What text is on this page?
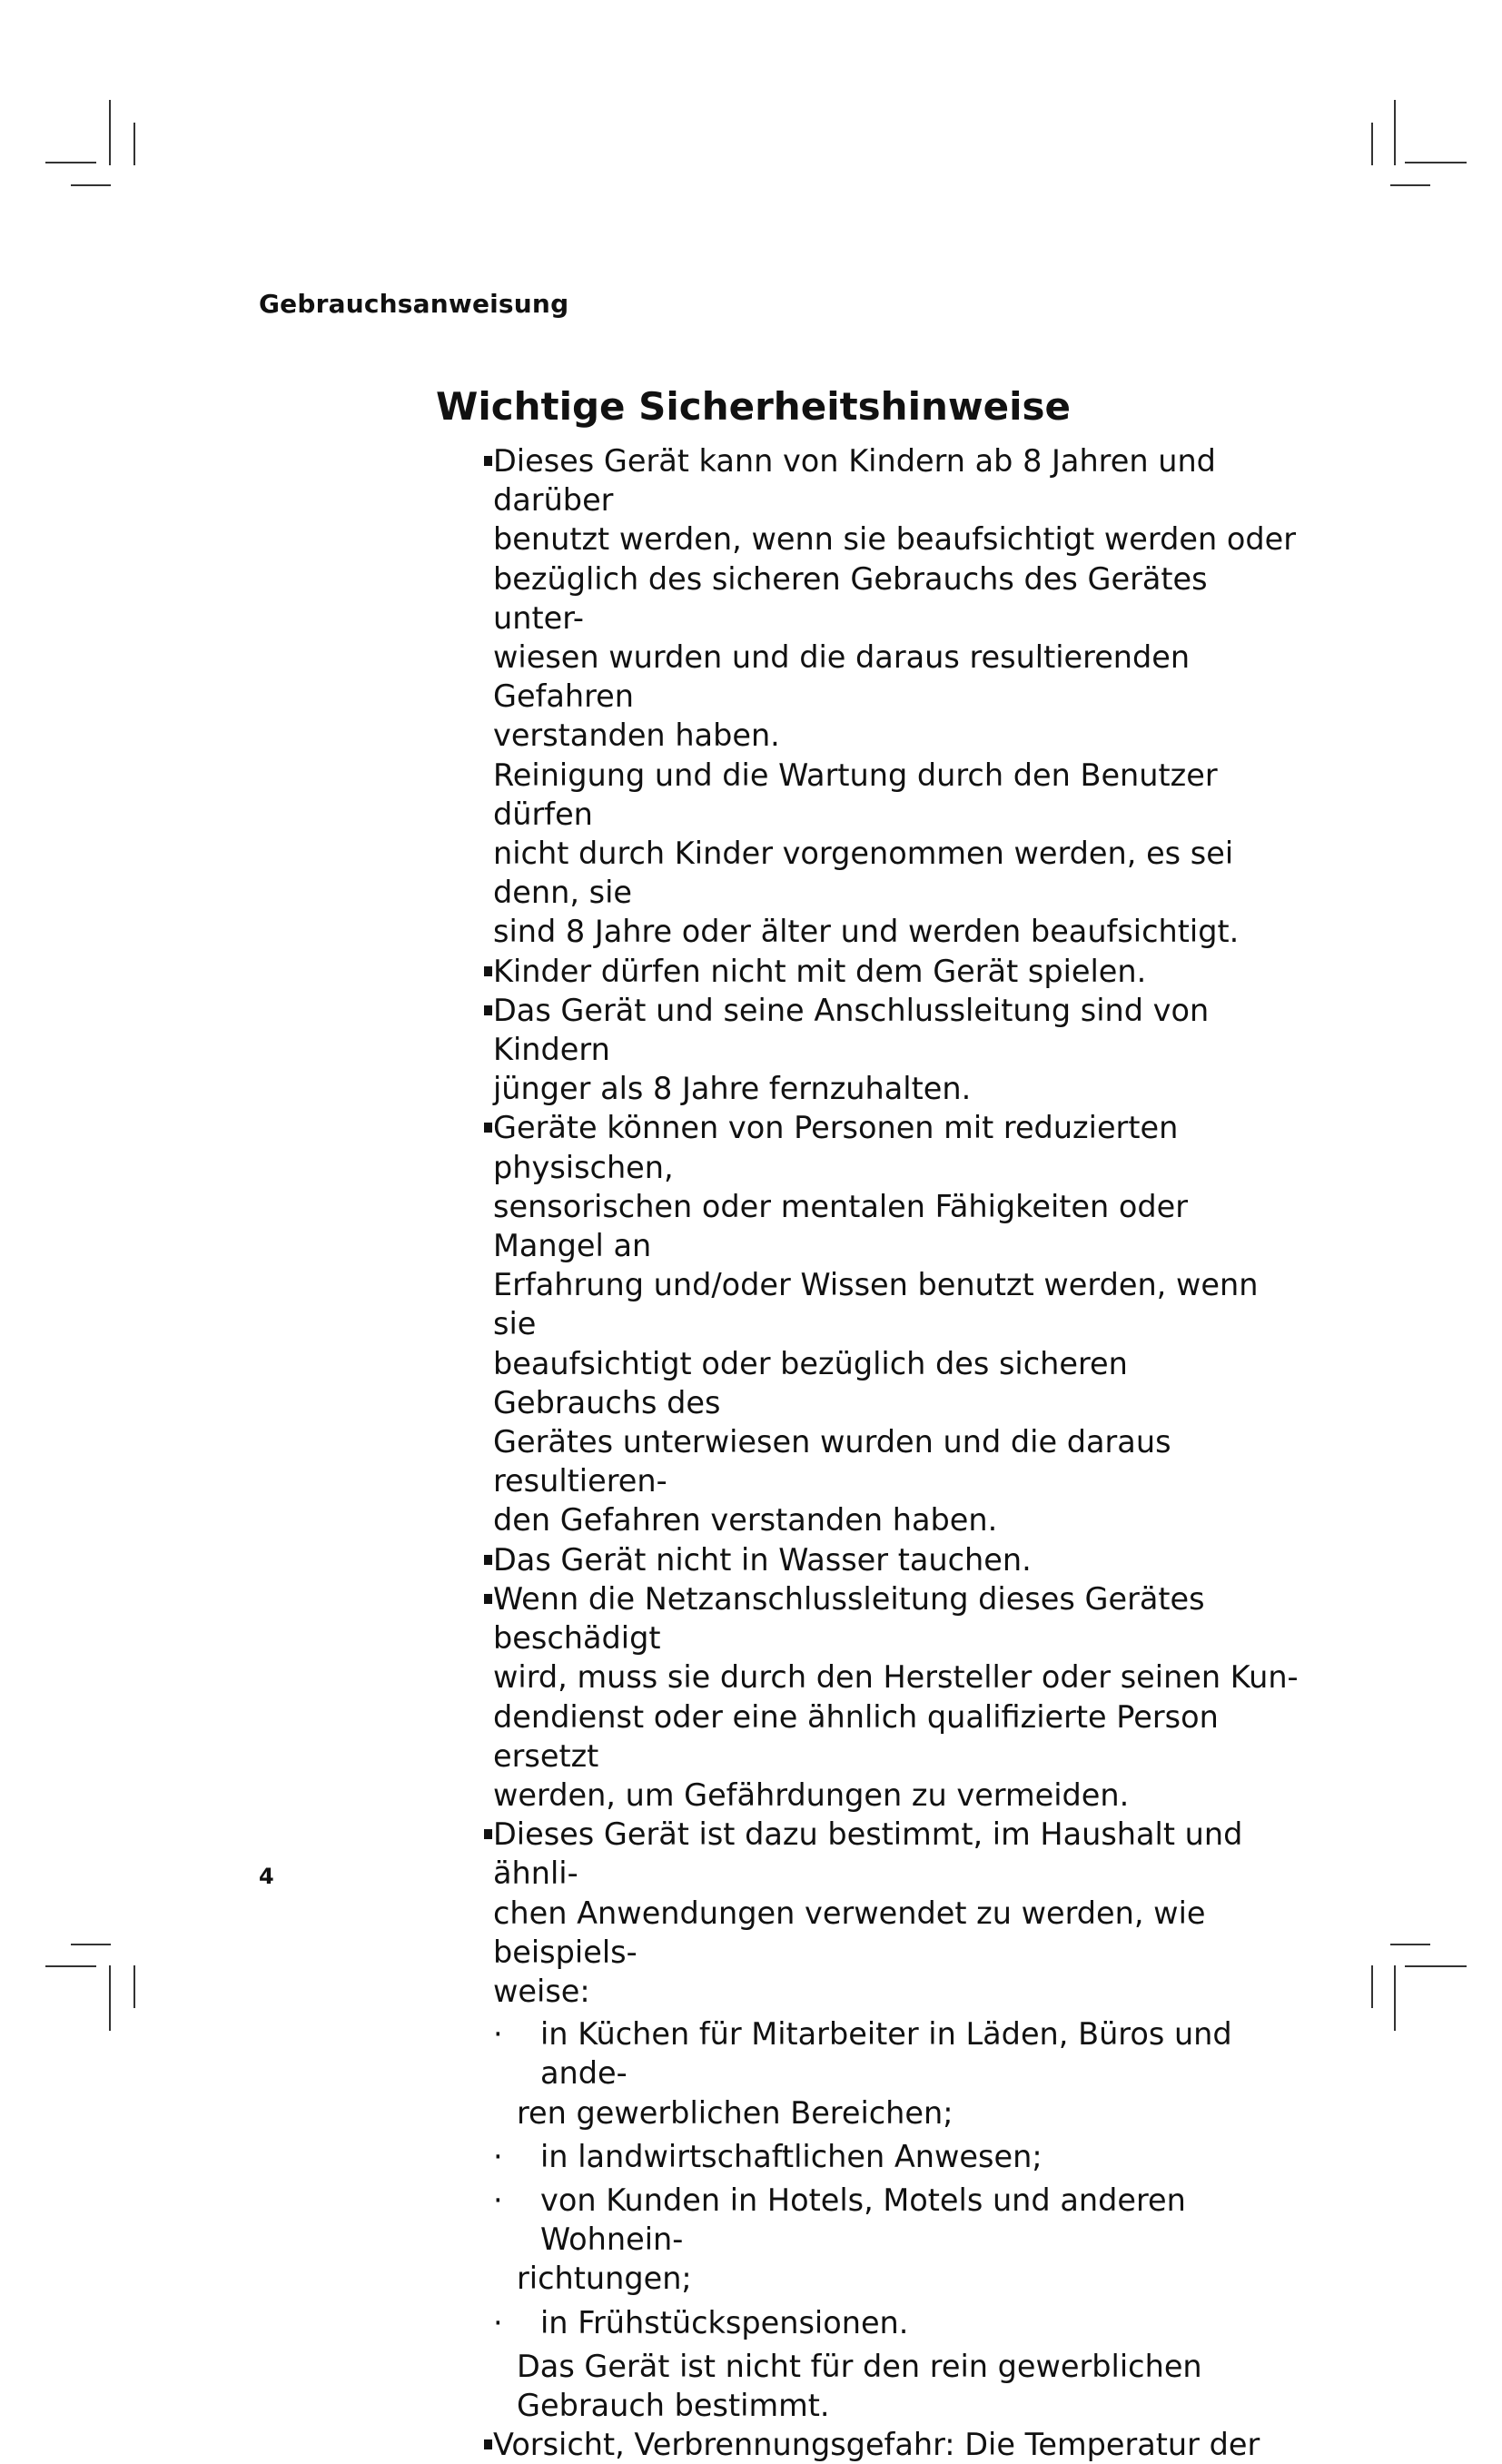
Gebrauchsanweisung
Wichtige Sicherheitshinweise
Dieses Gerät kann von Kindern ab 8 Jahren und darüber
benutzt werden, wenn sie beaufsichtigt werden oder
bezüglich des sicheren Gebrauchs des Gerätes unter-
wiesen wurden und die daraus resultierenden Gefahren
verstanden haben.
Reinigung und die Wartung durch den Benutzer dürfen
nicht durch Kinder vorgenommen werden, es sei denn, sie
sind 8 Jahre oder älter und werden beaufsichtigt.
Kinder dürfen nicht mit dem Gerät spielen.
Das Gerät und seine Anschlussleitung sind von Kindern
jünger als 8 Jahre fernzuhalten.
Geräte können von Personen mit reduzierten physischen,
sensorischen oder mentalen Fähigkeiten oder Mangel an
Erfahrung und/oder Wissen benutzt werden, wenn sie
beaufsichtigt oder bezüglich des sicheren Gebrauchs des
Gerätes unterwiesen wurden und die daraus resultieren-
den Gefahren verstanden haben.
Das Gerät nicht in Wasser tauchen.
Wenn die Netzanschlussleitung dieses Gerätes beschädigt
wird, muss sie durch den Hersteller oder seinen Kun-
dendienst oder eine ähnlich qualifizierte Person ersetzt
werden, um Gefährdungen zu vermeiden.
Dieses Gerät ist dazu bestimmt, im Haushalt und ähnli-
chen Anwendungen verwendet zu werden, wie beispiels-
weise:
· in Küchen für Mitarbeiter in Läden, Büros und ande-
ren gewerblichen Bereichen;
· in landwirtschaftlichen Anwesen;
· von Kunden in Hotels, Motels und anderen Wohnein-
richtungen;
· in Frühstückspensionen.
Das Gerät ist nicht für den rein gewerblichen
Gebrauch bestimmt.
Vorsicht, Verbrennungsgefahr: Die Temperatur der
4
